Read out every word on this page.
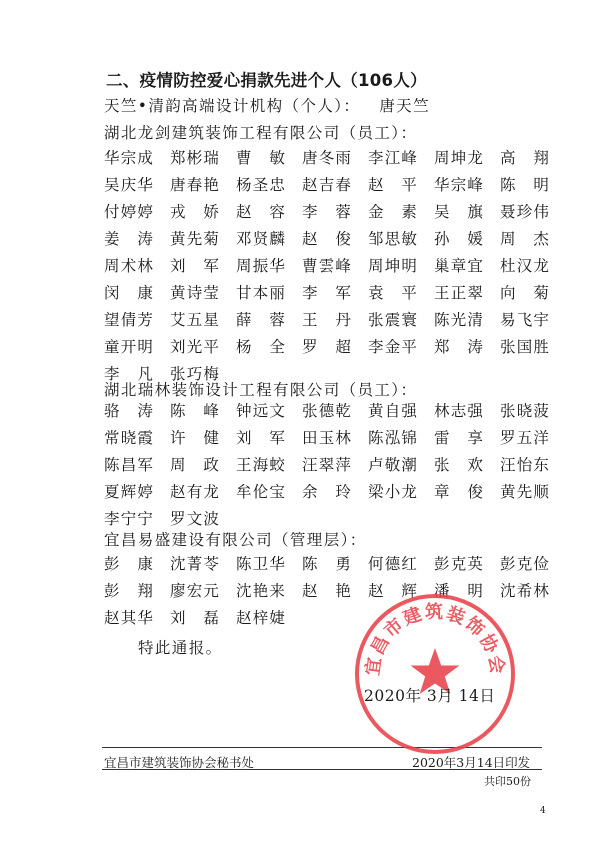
二、疫情防控爱心捐款先进个人（106人）
天竺•清韵高端设计机构（个人）： 唐天竺
湖北龙剑建筑装饰工程有限公司（员工）：
华宗成	郑彬瑞	曹　敏	唐冬雨	李江峰	周坤龙	高　翔
吴庆华	唐春艳	杨圣忠	赵吉春	赵　平	华宗峰	陈　明
付婷婷	戎　娇	赵　容	李　蓉	金　素	吴　旗	聂珍伟
姜　涛	黄先菊	邓贤麟	赵　俊	邹思敏	孙　媛	周　杰
周术林	刘　军	周振华	曹雲峰	周坤明	巢章宜	杜汉龙
闵　康	黄诗莹	甘本丽	李　军	袁　平	王正翠	向　菊
望倩芳	艾五星	薛　蓉	王　丹	张震寰	陈光清	易飞宇
童开明	刘光平	杨　全	罗　超	李金平	郑　涛	张国胜
李　凡	张巧梅
湖北瑞林装饰设计工程有限公司（员工）：
骆　涛	陈　峰	钟远文	张德乾	黄自强	林志强	张晓菠
常晓霞	许　健	刘　军	田玉林	陈泓锦	雷　享	罗五洋
陈昌军	周　政	王海蛟	汪翠萍	卢敬潮	张　欢	汪怡东
夏辉婷	赵有龙	牟伦宝	余　玲	梁小龙	章　俊	黄先顺
李宁宁	罗文波
宜昌易盛建设有限公司（管理层）：
彭　康	沈菁苓	陈卫华	陈　勇	何德红	彭克英	彭克俭
彭　翔	廖宏元	沈艳来	赵　艳	赵　辉	潘　明	沈希林
赵其华	刘　磊	赵梓婕
特此通报。
宜昌市建筑装饰协会
2020年 3月 14日
宜昌市建筑装饰协会秘书处	2020年3月14日印发
共印50份
4
